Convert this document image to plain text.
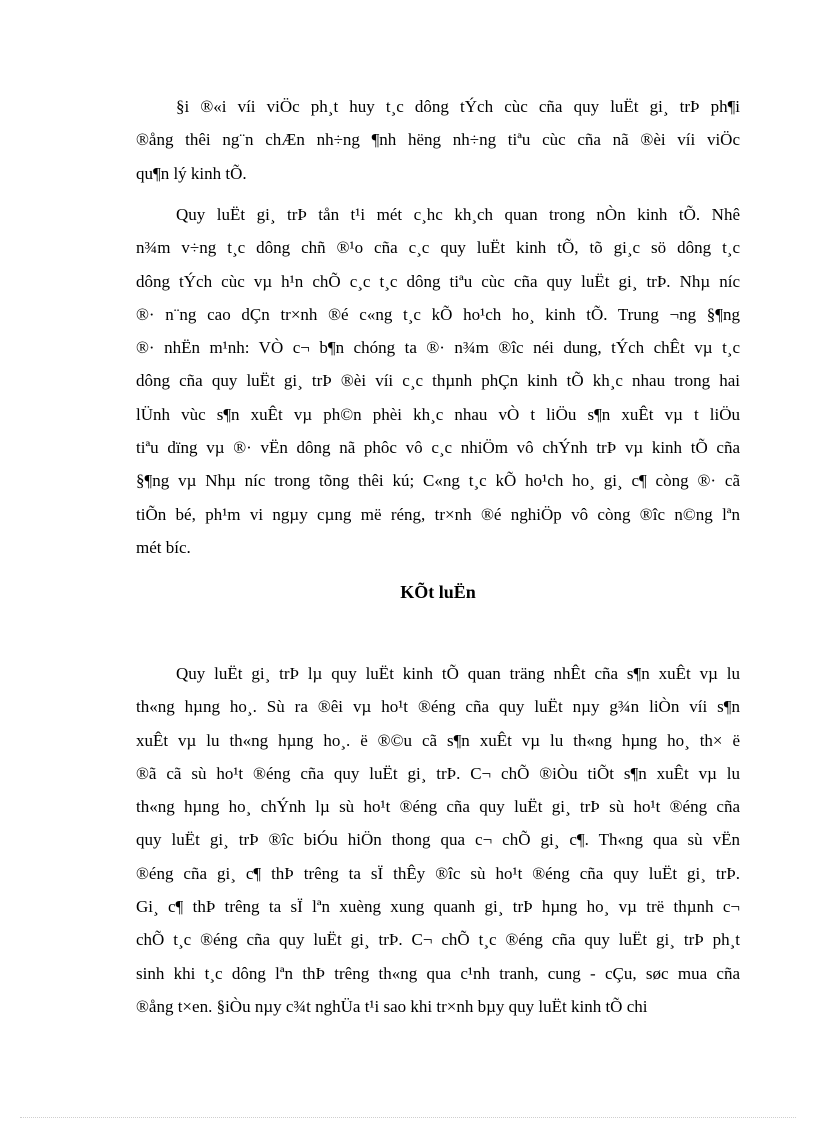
§i ®«i víi viÖc ph¸t huy t¸c dông tÝch cùc cña quy luËt gi¸ trÞ ph¶i
®ång thêi ng¨n chÆn nh÷ng ¶nh hëng nh÷ng tiªu cùc cña nã ®èi víi viÖc
qu¶n lý kinh tÕ.
Quy luËt gi¸ trÞ tån t¹i mét c¸hc kh¸ch quan trong nÒn kinh tÕ. Nhê
n¾m v÷ng t¸c dông chñ ®¹o cña c¸c quy luËt kinh tÕ, tõ gi¸c sö dông t¸c
dông tÝch cùc vµ h¹n chÕ c¸c t¸c dông tiªu cùc cña quy luËt gi¸ trÞ. Nhµ níc
®· n¨ng cao dÇn tr×nh ®é c«ng t¸c kÕ ho¹ch ho¸ kinh tÕ. Trung ¬ng §¶ng
®· nhËn m¹nh: VÒ c¬ b¶n chóng ta ®· n¾m ®îc néi dung, tÝch chÊt vµ t¸c
dông cña quy luËt gi¸ trÞ ®èi víi c¸c thµnh phÇn kinh tÕ kh¸c nhau trong hai
lÜnh vùc s¶n xuÊt vµ ph©n phèi kh¸c nhau vÒ t liÖu s¶n xuÊt vµ t liÖu
tiªu dïng vµ ®· vËn dông nã phôc vô c¸c nhiÖm vô chÝnh trÞ vµ kinh tÕ cña
§¶ng vµ Nhµ níc trong tõng thêi kú; C«ng t¸c kÕ ho¹ch ho¸ gi¸ c¶ còng ®· cã
tiÕn bé, ph¹m vi ngµy cµng më réng, tr×nh ®é nghiÖp vô còng ®îc n©ng lªn
mét bíc.
KÕt luËn
Quy luËt gi¸ trÞ lµ quy luËt kinh tÕ quan träng nhÊt cña s¶n xuÊt vµ lu
th«ng hµng ho¸. Sù ra ®êi vµ ho¹t ®éng cña quy luËt nµy g¾n liÒn víi s¶n
xuÊt vµ lu th«ng hµng ho¸. ë ®©u cã s¶n xuÊt vµ lu th«ng hµng ho¸ th× ë
®ã cã sù ho¹t ®éng cña quy luËt gi¸ trÞ. C¬ chÕ ®iÒu tiÕt s¶n xuÊt vµ lu
th«ng hµng ho¸ chÝnh lµ sù ho¹t ®éng cña quy luËt gi¸ trÞ sù ho¹t ®éng cña
quy luËt gi¸ trÞ ®îc biÓu hiÖn thong qua c¬ chÕ gi¸ c¶. Th«ng qua sù vËn
®éng cña gi¸ c¶ thÞ trêng ta sÏ thÊy ®îc sù ho¹t ®éng cña quy luËt gi¸ trÞ.
Gi¸ c¶ thÞ trêng ta sÏ lªn xuèng xung quanh gi¸ trÞ hµng ho¸ vµ trë thµnh c¬
chÕ t¸c ®éng cña quy luËt gi¸ trÞ. C¬ chÕ t¸c ®éng cña quy luËt gi¸ trÞ ph¸t
sinh khi t¸c dông lªn thÞ trêng th«ng qua c¹nh tranh, cung - cÇu, søc mua cña
®ång t×en. §iÒu nµy c¾t nghÜa t¹i sao khi tr×nh bµy quy luËt kinh tÕ chi
